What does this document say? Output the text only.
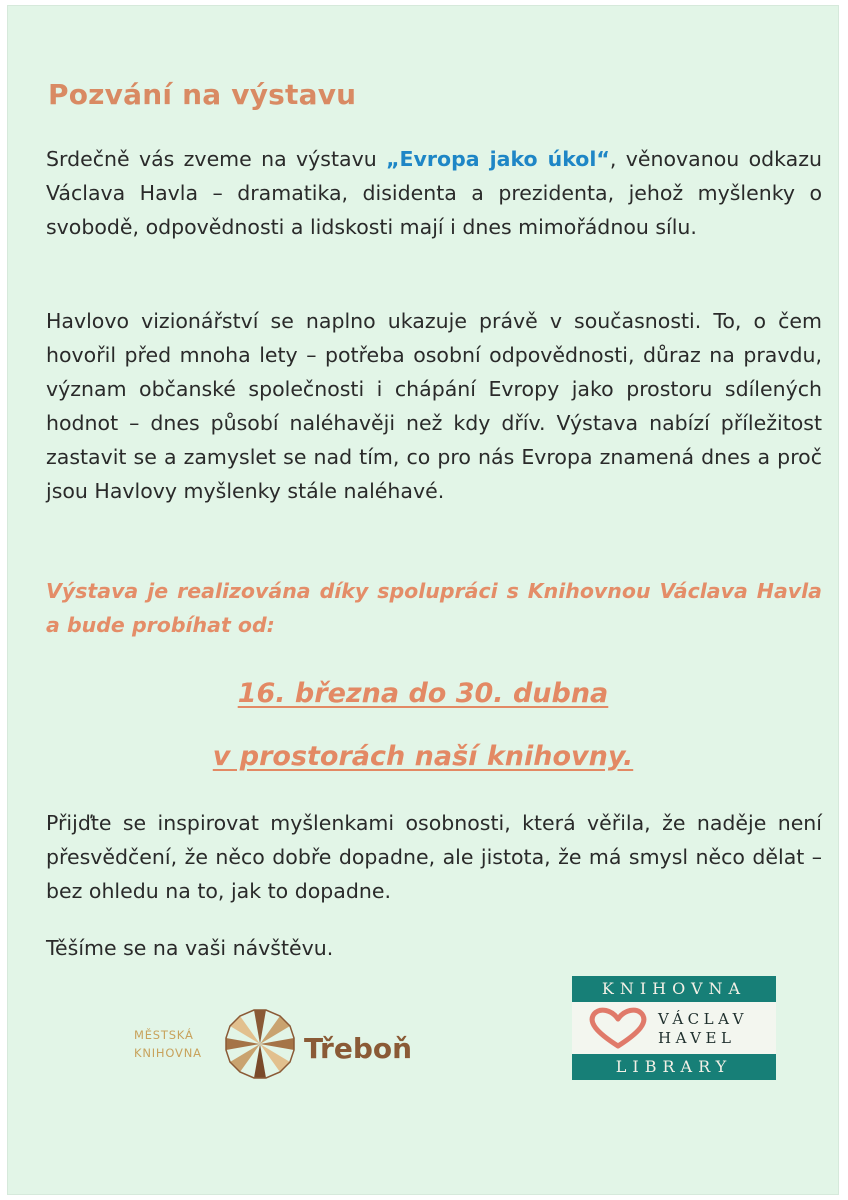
Pozvání na výstavu
Srdečně vás zveme na výstavu „Evropa jako úkol“, věnovanou odkazu Václava Havla – dramatika, disidenta a prezidenta, jehož myšlenky o svobodě, odpovědnosti a lidskosti mají i dnes mimořádnou sílu.
Havlovo vizionářství se naplno ukazuje právě v současnosti. To, o čem hovořil před mnoha lety – potřeba osobní odpovědnosti, důraz na pravdu, význam občanské společnosti i chápání Evropy jako prostoru sdílených hodnot – dnes působí naléhavěji než kdy dřív. Výstava nabízí příležitost zastavit se a zamyslet se nad tím, co pro nás Evropa znamená dnes a proč jsou Havlovy myšlenky stále naléhavé.
Výstava je realizována díky spolupráci s Knihovnou Václava Havla a bude probíhat od:
16. března do 30. dubna
v prostorách naší knihovny.
Přijďte se inspirovat myšlenkami osobnosti, která věřila, že naděje není přesvědčení, že něco dobře dopadne, ale jistota, že má smysl něco dělat – bez ohledu na to, jak to dopadne.
Těšíme se na vaši návštěvu.
MĚSTSKÁ
KNIHOVNA	Třeboň
KNIHOVNA
VÁCLAV
HAVEL
LIBRARY
